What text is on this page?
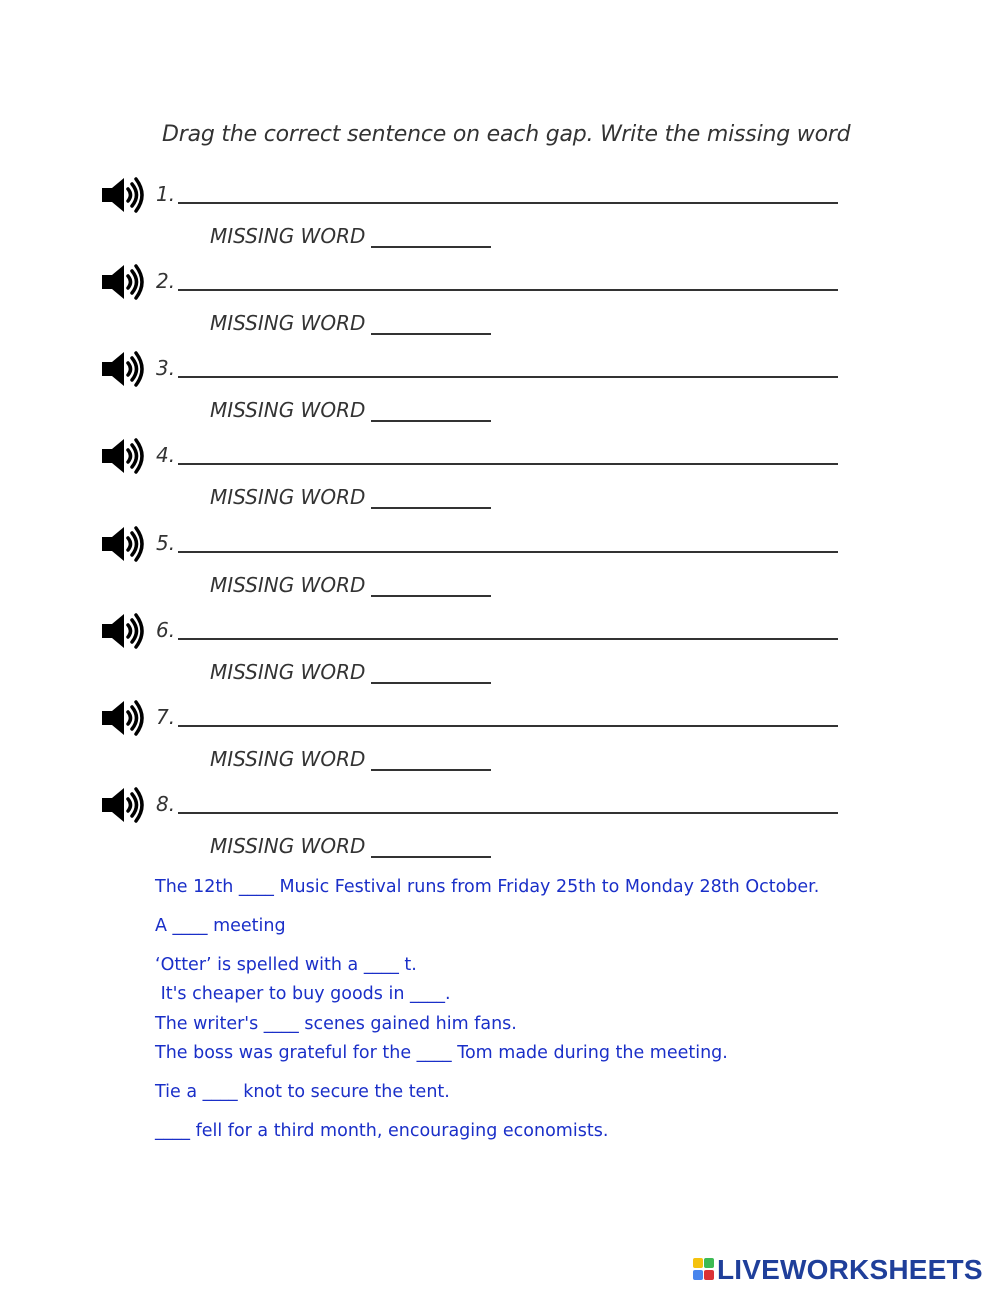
Drag the correct sentence on each gap. Write the missing word
1.
MISSING WORD
2.
MISSING WORD
3.
MISSING WORD
4.
MISSING WORD
5.
MISSING WORD
6.
MISSING WORD
7.
MISSING WORD
8.
MISSING WORD
The 12th ____ Music Festival runs from Friday 25th to Monday 28th October.
A ____ meeting
‘Otter’ is spelled with a ____ t.
It's cheaper to buy goods in ____.
The writer's ____ scenes gained him fans.
The boss was grateful for the ____ Tom made during the meeting.
Tie a ____ knot to secure the tent.
____ fell for a third month, encouraging economists.
LIVEWORKSHEETS
